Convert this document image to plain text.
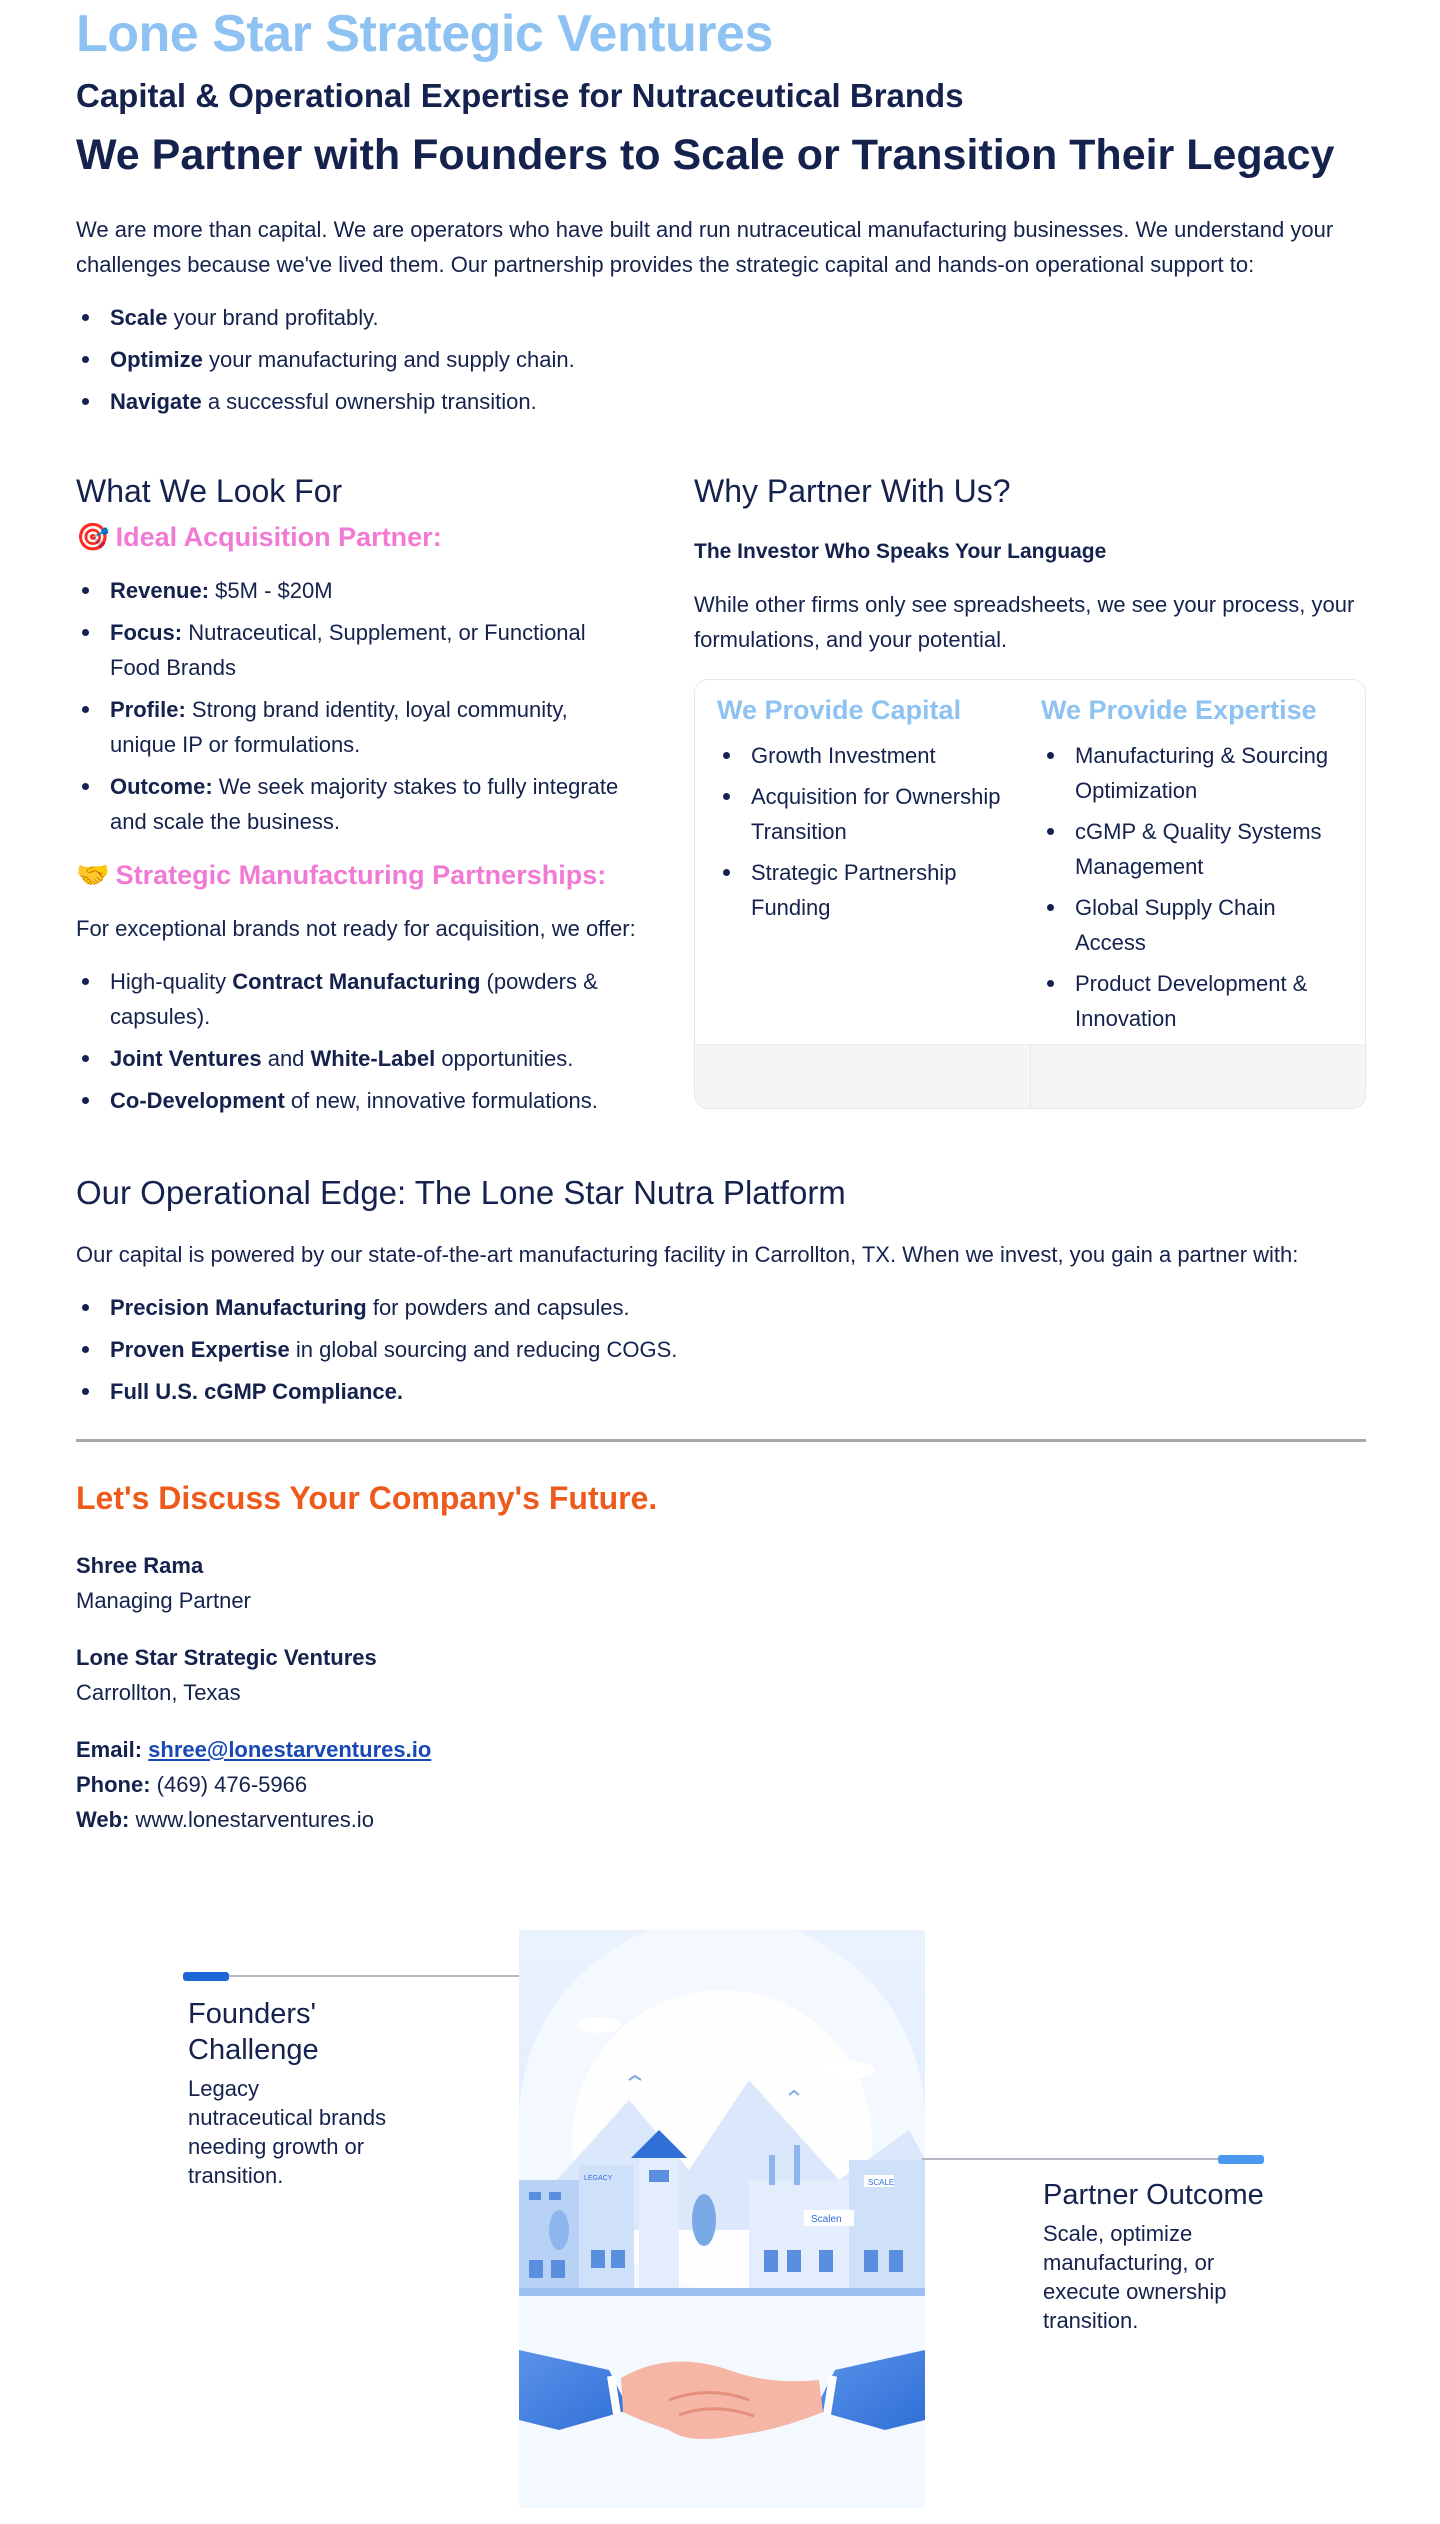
Lone Star Strategic Ventures
Capital & Operational Expertise for Nutraceutical Brands
We Partner with Founders to Scale or Transition Their Legacy

We are more than capital. We are operators who have built and run nutraceutical manufacturing businesses. We understand your challenges because we've lived them. Our partnership provides the strategic capital and hands-on operational support to:

Scale your brand profitably.
Optimize your manufacturing and supply chain.
Navigate a successful ownership transition.
What We Look For
🎯 Ideal Acquisition Partner:
Revenue: $5M - $20M
Focus: Nutraceutical, Supplement, or Functional Food Brands
Profile: Strong brand identity, loyal community, unique IP or formulations.
Outcome: We seek majority stakes to fully integrate and scale the business.
🤝 Strategic Manufacturing Partnerships:

For exceptional brands not ready for acquisition, we offer:

High-quality Contract Manufacturing (powders & capsules).
Joint Ventures and White-Label opportunities.
Co-Development of new, innovative formulations.
Why Partner With Us?
The Investor Who Speaks Your Language

While other firms only see spreadsheets, we see your process, your formulations, and your potential.

We Provide Capital
Growth Investment
Acquisition for Ownership Transition
Strategic Partnership Funding
We Provide Expertise
Manufacturing & Sourcing Optimization
cGMP & Quality Systems Management
Global Supply Chain Access
Product Development & Innovation
Our Operational Edge: The Lone Star Nutra Platform

Our capital is powered by our state-of-the-art manufacturing facility in Carrollton, TX. When we invest, you gain a partner with:

Precision Manufacturing for powders and capsules.
Proven Expertise in global sourcing and reducing COGS.
Full U.S. cGMP Compliance.
Let's Discuss Your Company's Future.

Shree Rama

Managing Partner

Lone Star Strategic Ventures

Carrollton, Texas

Email: shree@lonestarventures.io

Phone: (469) 476-5966

Web: www.lonestarventures.io

Founders' Challenge
Legacy nutraceutical brands needing growth or transition.	LEGACY	SCALE
Scalen
Partner Outcome
Scale, optimize manufacturing, or execute ownership transition.
